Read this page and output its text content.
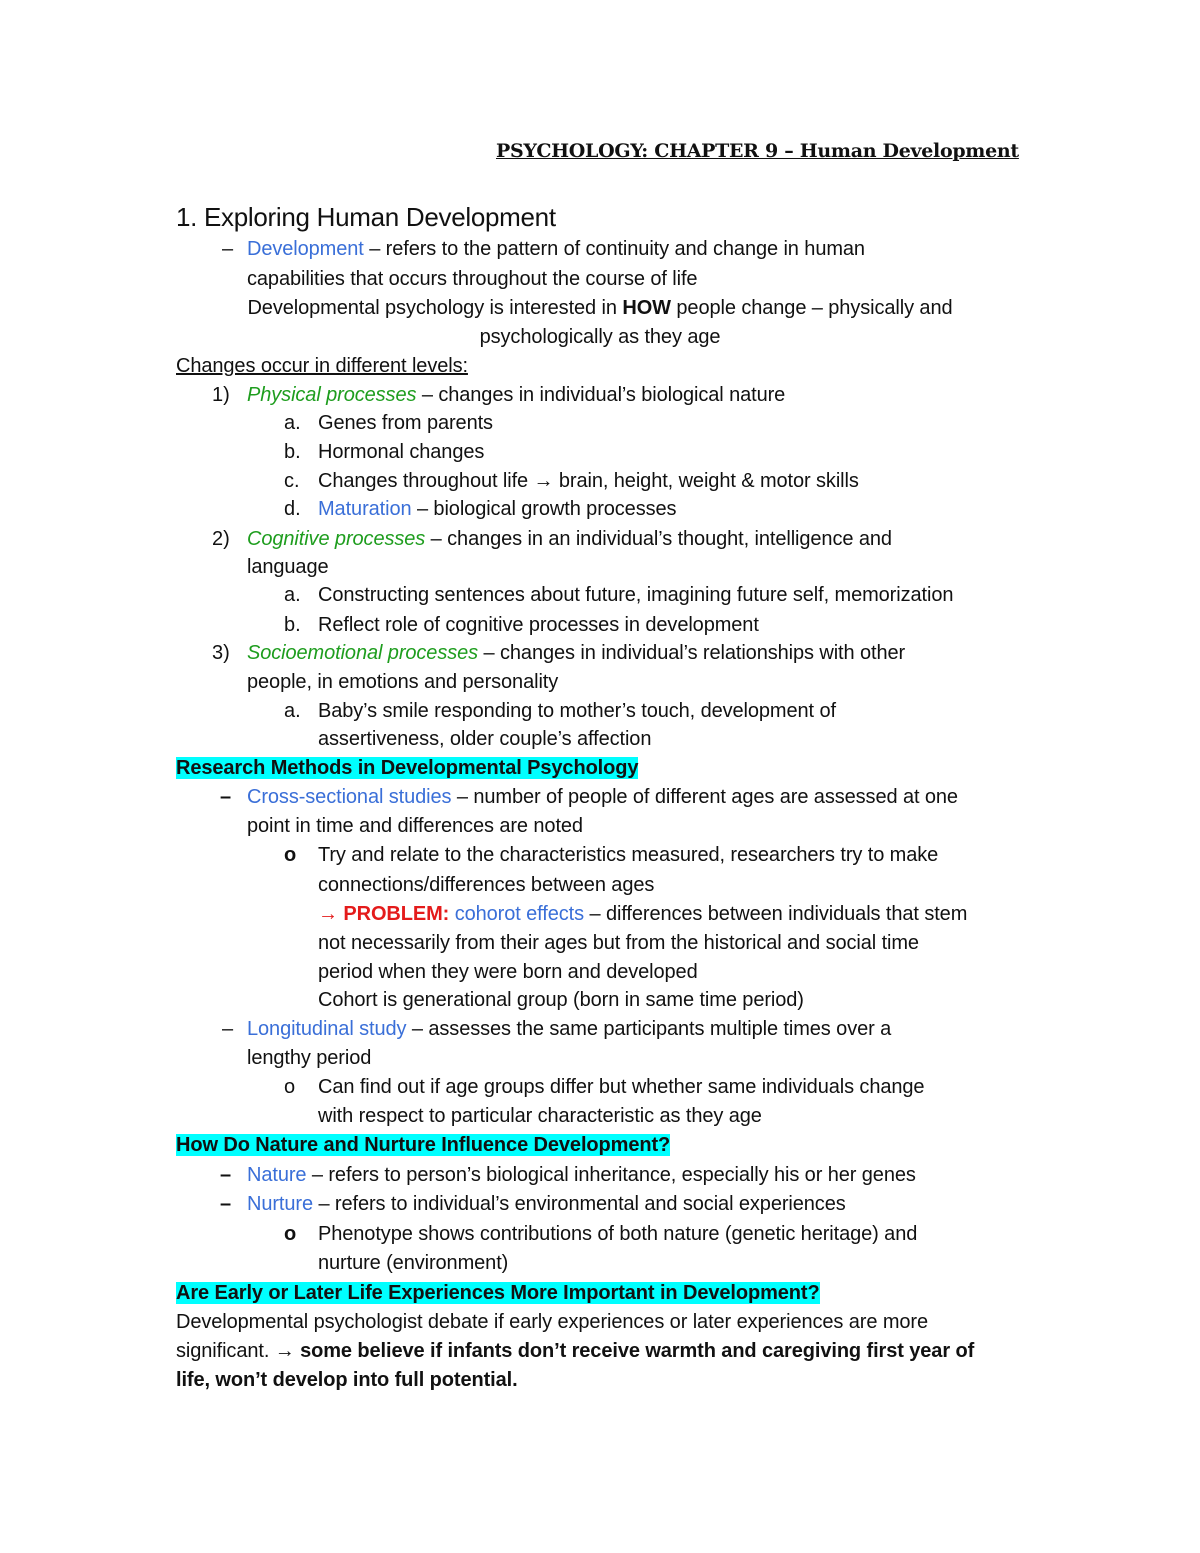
PSYCHOLOGY: CHAPTER 9 – Human Development
1. Exploring Human Development
– Development – refers to the pattern of continuity and change in human
capabilities that occurs throughout the course of life
Developmental psychology is interested in HOW people change – physically and
psychologically as they age
Changes occur in different levels:
1) Physical processes – changes in individual’s biological nature
a. Genes from parents
b. Hormonal changes
c. Changes throughout life → brain, height, weight & motor skills
d. Maturation – biological growth processes
2) Cognitive processes – changes in an individual’s thought, intelligence and
language
a. Constructing sentences about future, imagining future self, memorization
b. Reflect role of cognitive processes in development
3) Socioemotional processes – changes in individual’s relationships with other
people, in emotions and personality
a. Baby’s smile responding to mother’s touch, development of
assertiveness, older couple’s affection
Research Methods in Developmental Psychology
– Cross-sectional studies – number of people of different ages are assessed at one
point in time and differences are noted
o Try and relate to the characteristics measured, researchers try to make
connections/differences between ages
→ PROBLEM: cohorot effects – differences between individuals that stem
not necessarily from their ages but from the historical and social time
period when they were born and developed
Cohort is generational group (born in same time period)
– Longitudinal study – assesses the same participants multiple times over a
lengthy period
o Can find out if age groups differ but whether same individuals change
with respect to particular characteristic as they age
How Do Nature and Nurture Influence Development?
– Nature – refers to person’s biological inheritance, especially his or her genes
– Nurture – refers to individual’s environmental and social experiences
o Phenotype shows contributions of both nature (genetic heritage) and
nurture (environment)
Are Early or Later Life Experiences More Important in Development?
Developmental psychologist debate if early experiences or later experiences are more
significant. → some believe if infants don’t receive warmth and caregiving first year of
life, won’t develop into full potential.
